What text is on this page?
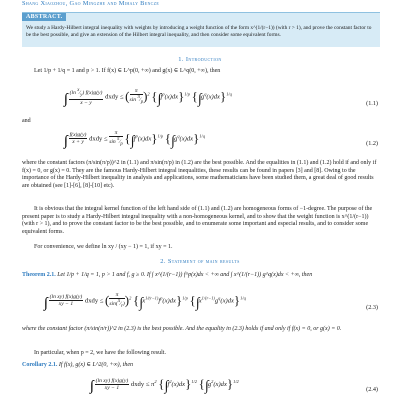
Shang Xiaozhou, Gao Mingzhe and Mihaly Bencze
ABSTRACT.
We study a Hardy-Hilbert integral inequality with weights by introducing a weight function of the form x^(1/(r−1)) (with r > 1), and prove the constant factor to be the best possible, and give an extension of the Hilbert integral inequality, and then consider some equivalent forms.
1. Introduction
Let 1/p + 1/q = 1 and p > 1. If f(x) ∈ L^p(0, +∞) and g(x) ∈ L^q(0, +∞), then
$\frac{(\ln ^x⁄_y) f(x)g(y)}{x - y}$ dxdy ≤ ( $\frac{\pi}{\sin ^\pi⁄_p} )^2$ { $f^p(x)dx\}^{1/p}$ { $g^q(x)dx\}^{1/q}$
(1.1)
and
$\frac{f(x)g(y)}{x + y}$ dxdy ≤ $\frac{\pi}{\sin ^\pi⁄_p}$ { $f^p(x)dx\}^{1/p}$ { $g^q(x)dx\}^{1/q}$
(1.2)
where the constant factors (π/sin(π/p))^2 in (1.1) and π/sin(π/p) in (1.2) are the best possible. And the equalities in (1.1) and (1.2) hold if and only if f(x) = 0, or g(x) = 0. They are the famous Hardy-Hilbert integral inequalities, these results can be found in papers [3] and [8]. Owing to the importance of the Hardy-Hilbert inequality in analysis and applications, some mathematicians have been studied them, a great deal of good results are obtained (see [1]-[6], [8]-[10] etc).
It is obvious that the integral kernel function of the left hand side of (1.1) and (1.2) are homogeneous forms of −1-degree. The purpose of the present paper is to study a Hardy-Hilbert integral inequality with a non-homogeneous kernel, and to show that the weight function is x^(1/(r−1)) (with r > 1), and to prove the constant factor to be the best possible, and to enumerate some important and especial results, and to consider some equivalent forms.
For convenience, we define ln xy / (xy − 1) = 1, if xy = 1.
2. Statement of main results
Theorem 2.1. Let 1/p + 1/q = 1, p > 1 and f, g ≥ 0. If ∫ x^(1/(r−1)) f^p(x)dx < +∞ and ∫ x^(1/(r−1)) g^q(x)dx < +∞, then
$\frac{\text{(ln xy) f(x)g(y)}}{xy - 1}$ dxdy ≤ ( $\frac{\pi}{\sin(^\pi⁄_r)} )^2$ { $x^{1/(r-1)}f^p(x)dx\}^{1/p}$ { $x^{1/(r-1)}g^q(x)dx\}^{1/q}$
(2.3)
where the constant factor (π/sin(π/r))^2 in (2.3) is the best possible. And the equality in (2.3) holds if and only if f(x) = 0, or g(x) = 0.
In particular, when p = 2, we have the following result.
Corollary 2.1. If f(x), g(x) ∈ L^2(0, +∞), then
$\frac{\text{(ln xy) f(x)g(y)}}{xy - 1}$ dxdy ≤ $\pi^2$ { $f^2(x)dx\}^{1/2}$ { $g^2(x)dx\}^{1/2}$
(2.4)
